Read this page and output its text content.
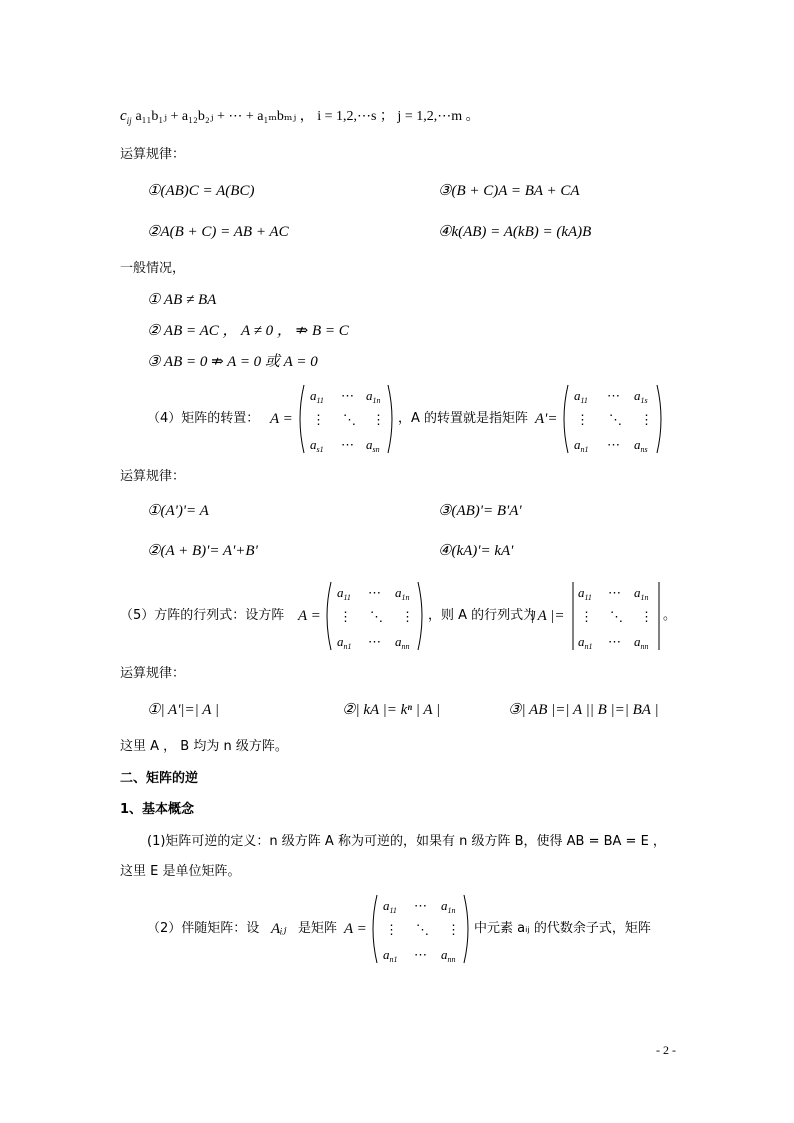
$c_{ij}$ a₁₁b₁ⱼ + a₁₂b₂ⱼ + ⋯ + a₁ₘbₘⱼ ， i = 1,2,⋯s ； j = 1,2,⋯m 。
运算规律：
①(AB)C = A(BC)	③(B + C)A = BA + CA
②A(B + C) = AB + AC	④k(AB) = A(kB) = (kA)B
一般情况，
① AB ≠ BA
② AB = AC ， A ≠ 0 ， ⇏ B = C
③ AB = 0 ⇏ A = 0 或 A = 0
（4）矩阵的转置： A =
$a_{11}$ ⋯ $a_{1n}$
⋮ ⋱ ⋮
$a_{s1}$ ⋯ $a_{sn}$
，A 的转置就是指矩阵 A'=
$a_{11}$ ⋯ $a_{1s}$
⋮ ⋱ ⋮
$a_{n1}$ ⋯ $a_{ns}$
运算规律：
①(A')'= A	③(AB)'= B'A'
②(A + B)'= A'+B'	④(kA)'= kA'
（5）方阵的行列式：设方阵 A =
$a_{11}$ ⋯ $a_{1n}$
⋮ ⋱ ⋮
$a_{n1}$ ⋯ $a_{nn}$
，则 A 的行列式为
| A |=
$a_{11}$ ⋯ $a_{1n}$
⋮ ⋱ ⋮
$a_{n1}$ ⋯ $a_{nn}$
。
运算规律：
①| A'|=| A |	②| kA |= kⁿ | A |	③| AB |=| A || B |=| BA |
这里 A ， B 均为 n 级方阵。
二、矩阵的逆
1、基本概念
(1)矩阵可逆的定义：n 级方阵 A 称为可逆的，如果有 n 级方阵 B，使得 AB = BA = E ，
这里 E 是单位矩阵。
（2）伴随矩阵：设 Aᵢⱼ 是矩阵 A =
$a_{11}$ ⋯ $a_{1n}$
⋮ ⋱ ⋮
$a_{n1}$ ⋯ $a_{nn}$
中元素 aᵢⱼ 的代数余子式，矩阵
- 2 -
